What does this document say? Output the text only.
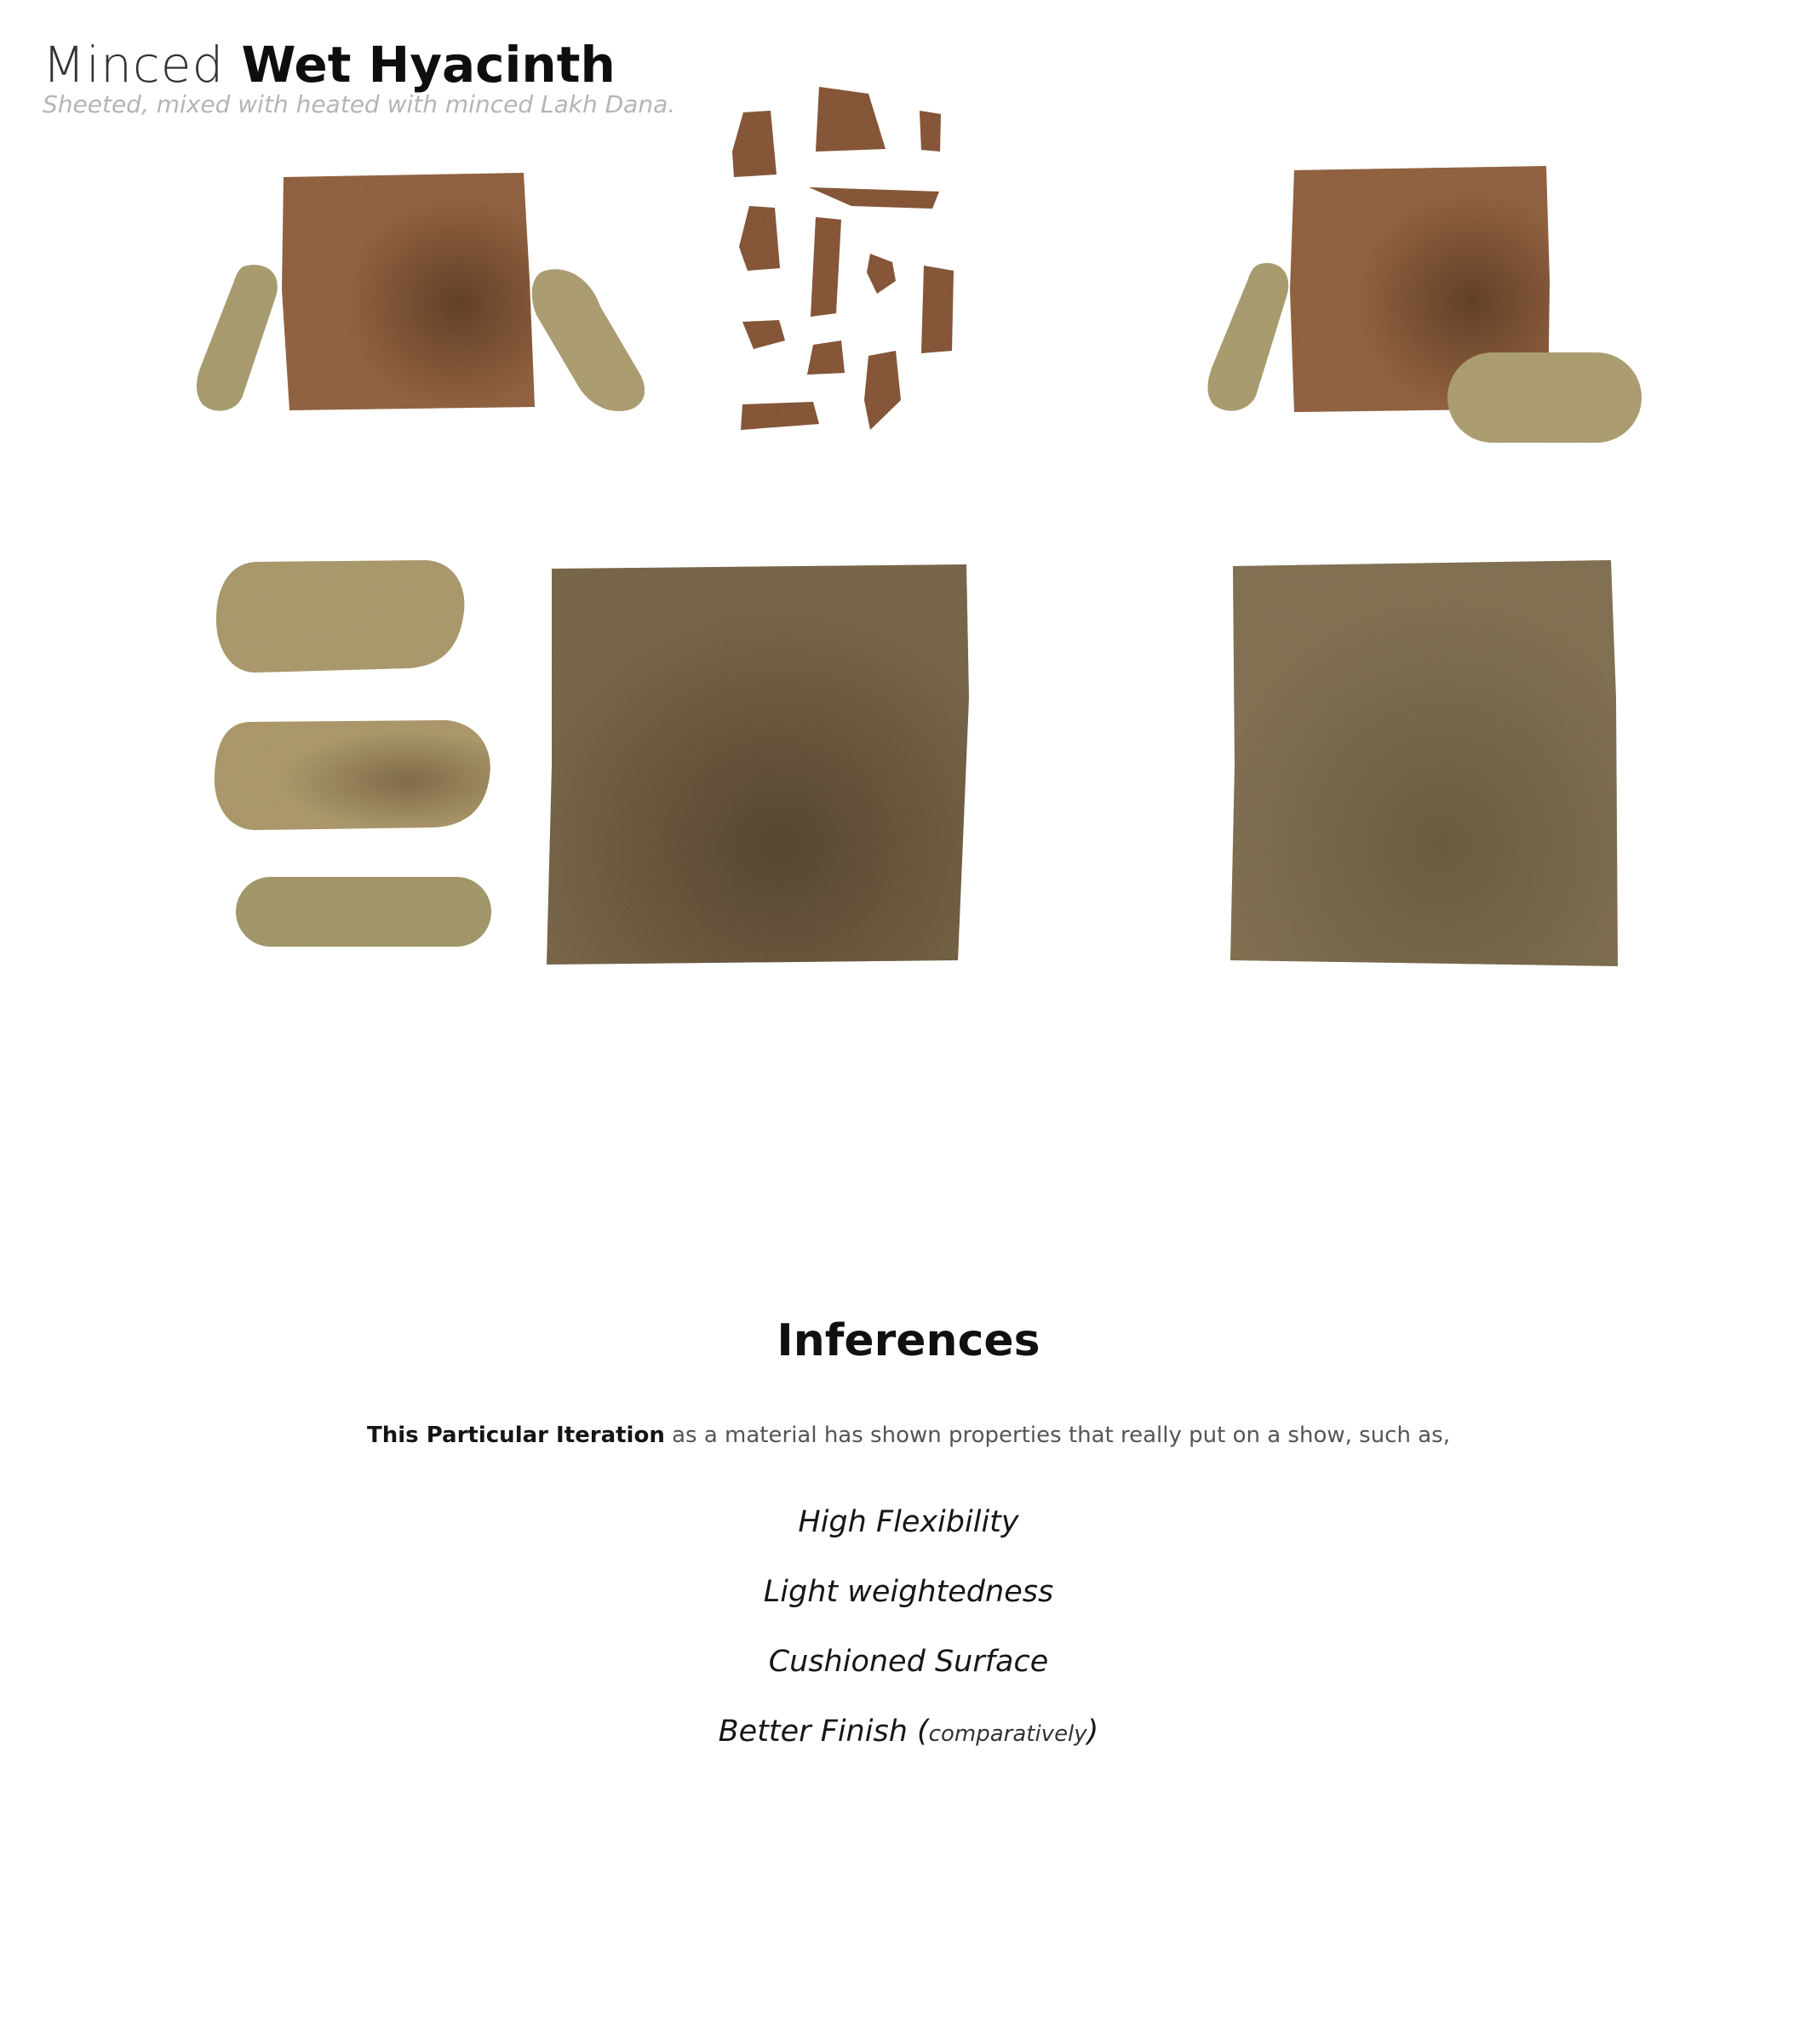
Minced Wet Hyacinth

Sheeted, mixed with heated with minced Lakh Dana.

Inferences

This Particular Iteration as a material has shown properties that really put on a show, such as,

High Flexibility
Light weightedness
Cushioned Surface
Better Finish (comparatively)
